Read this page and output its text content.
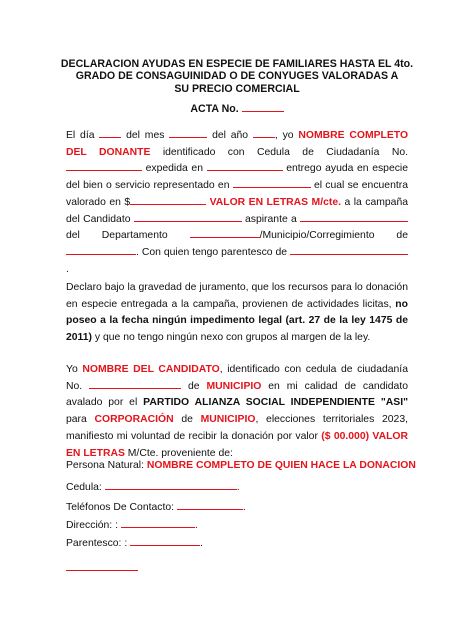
DECLARACION AYUDAS EN ESPECIE DE FAMILIARES HASTA EL 4to.
GRADO DE CONSAGUINIDAD O DE CONYUGES VALORADAS A
SU PRECIO COMERCIAL
ACTA No.
El día	del mes	del año	, yo NOMBRE COMPLETO DEL DONANTE identificado con Cedula de Ciudadanía No.  expedida en	entrego ayuda en especie del bien o servicio representado en	el cual se encuentra valorado en $	VALOR EN LETRAS M/cte. a la campaña del Candidato	aspirante a  del Departamento	/Municipio/Corregimiento de . Con quien tengo parentesco de .
Declaro bajo la gravedad de juramento, que los recursos para lo donación en especie entregada a la campaña, provienen de actividades licitas, no poseo a la fecha ningún impedimento legal (art. 27 de la ley 1475 de 2011) y que no tengo ningún nexo con grupos al margen de la ley.
Yo NOMBRE DEL CANDIDATO, identificado con cedula de ciudadanía No.	de MUNICIPIO en mi calidad de candidato avalado por el PARTIDO ALIANZA SOCIAL INDEPENDIENTE "ASI" para CORPORACIÓN de MUNICIPIO, elecciones territoriales 2023, manifiesto mi voluntad de recibir la donación por valor ($ 00.000) VALOR EN LETRAS M/Cte. proveniente de:
Persona Natural: NOMBRE COMPLETO DE QUIEN HACE LA DONACION
Cedula:	.
Teléfonos De Contacto:	.
Dirección: :	.
Parentesco: :	.
